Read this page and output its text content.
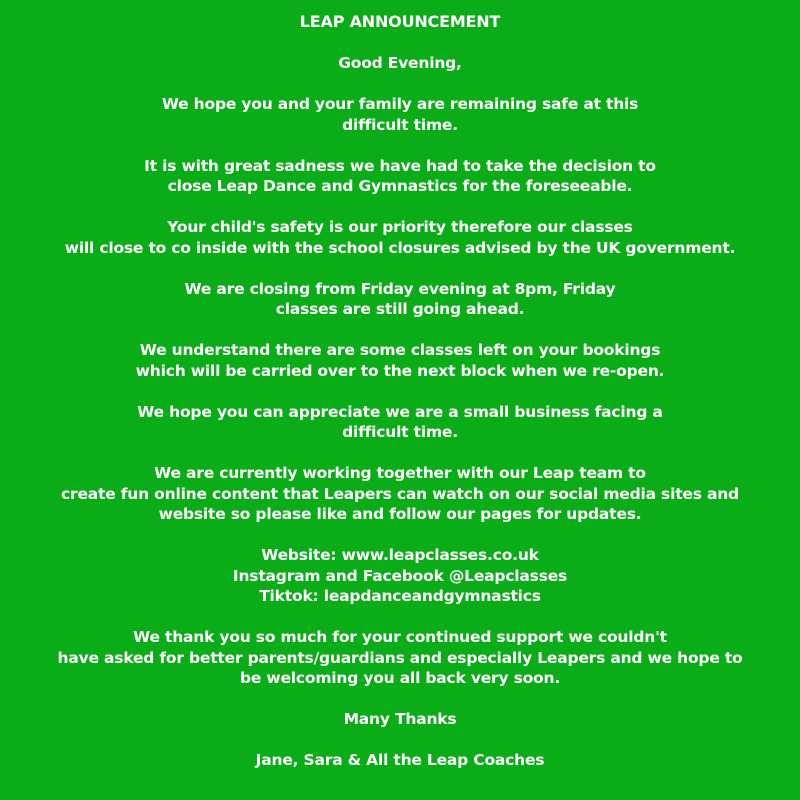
LEAP ANNOUNCEMENT
Good Evening,
We hope you and your family are remaining safe at this
difficult time.
It is with great sadness we have had to take the decision to
close Leap Dance and Gymnastics for the foreseeable.
Your child's safety is our priority therefore our classes
will close to co inside with the school closures advised by the UK government.
We are closing from Friday evening at 8pm, Friday
classes are still going ahead.
We understand there are some classes left on your bookings
which will be carried over to the next block when we re-open.
We hope you can appreciate we are a small business facing a
difficult time.
We are currently working together with our Leap team to
create fun online content that Leapers can watch on our social media sites and
website so please like and follow our pages for updates.
Website: www.leapclasses.co.uk
Instagram and Facebook @Leapclasses
Tiktok: leapdanceandgymnastics
We thank you so much for your continued support we couldn't
have asked for better parents/guardians and especially Leapers and we hope to
be welcoming you all back very soon.
Many Thanks
Jane, Sara & All the Leap Coaches
